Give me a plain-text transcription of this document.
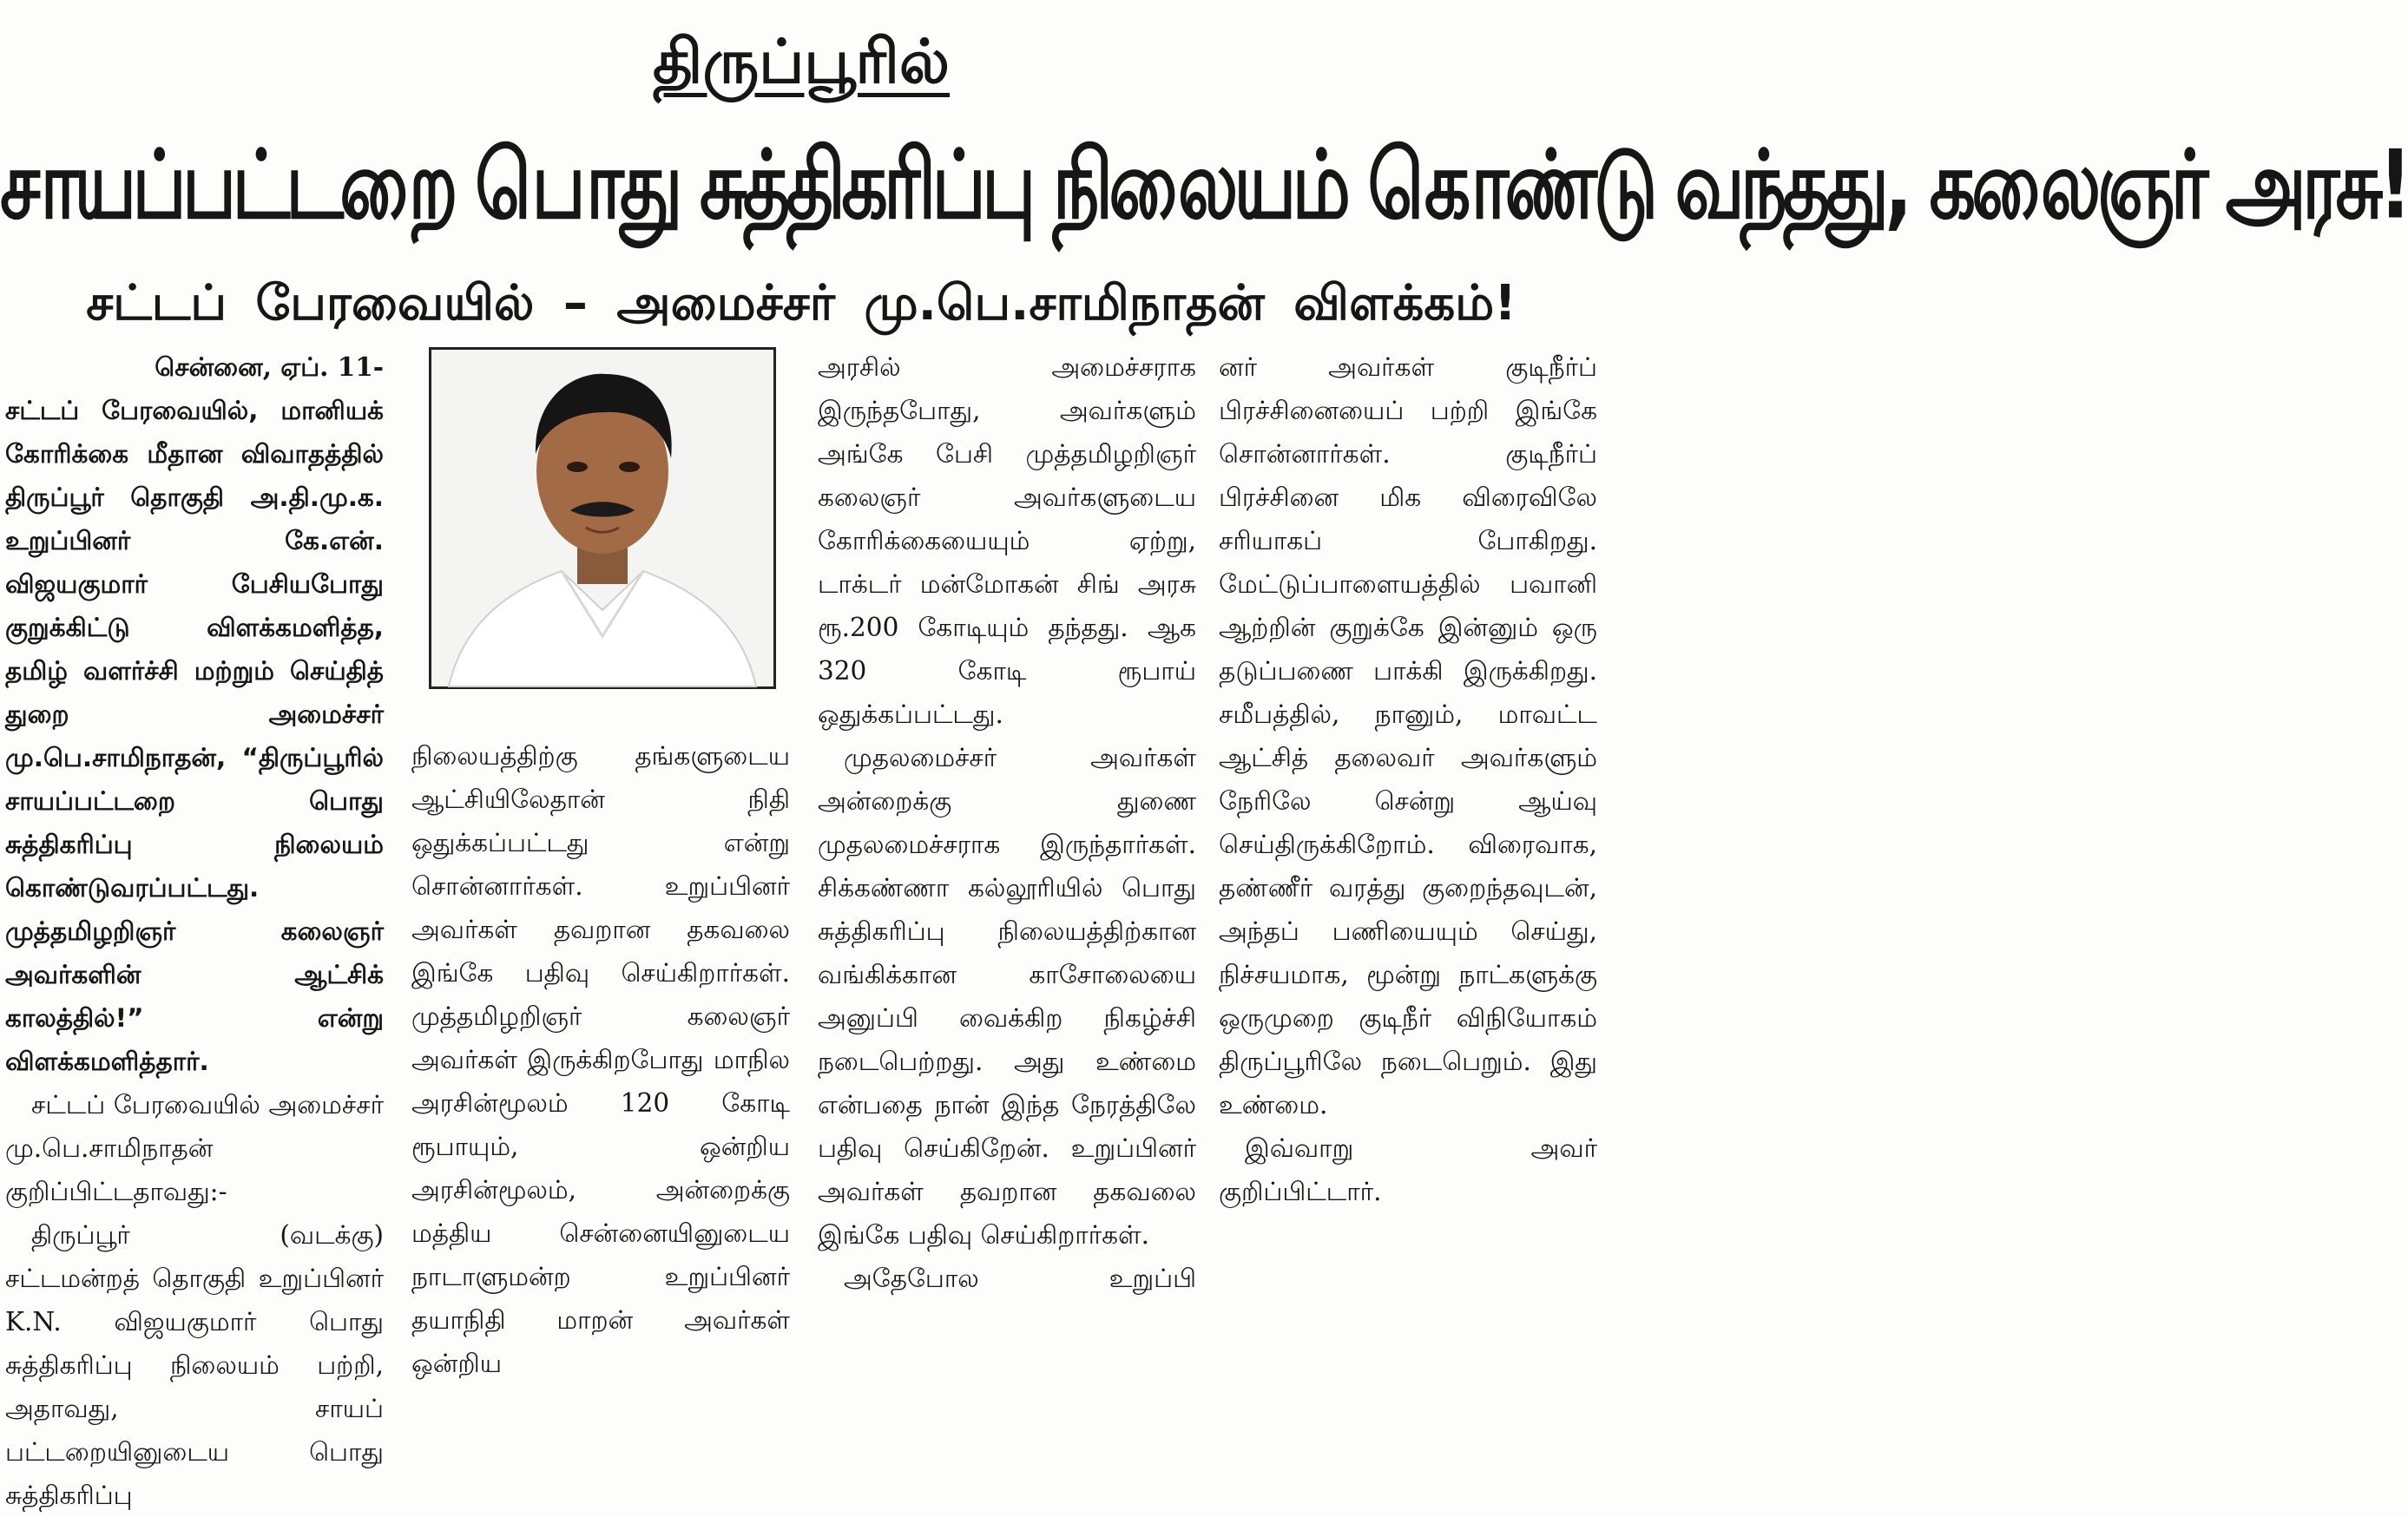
திருப்பூரில்
சாயப்பட்டறை பொது சுத்திகரிப்பு நிலையம் கொண்டு வந்தது, கலைஞர் அரசு!
சட்டப் பேரவையில் – அமைச்சர் மு.பெ.சாமிநாதன் விளக்கம்!

சென்னை, ஏப். 11-

சட்டப் பேரவையில், மானியக் கோரிக்கை மீதான விவாதத்தில் திருப்பூர் தொகுதி அ.தி.மு.க. உறுப்பினர் கே.என். விஜயகுமார் பேசியபோது குறுக்கிட்டு விளக்கமளித்த, தமிழ் வளர்ச்சி மற்றும் செய்தித் துறை அமைச்சர் மு.பெ.சாமிநாதன், “திருப்பூரில் சாயப்பட்டறை பொது சுத்திகரிப்பு நிலையம் கொண்டுவரப்பட்டது. முத்தமிழறிஞர் கலைஞர் அவர்களின் ஆட்சிக் காலத்தில்!” என்று விளக்கமளித்தார்.

சட்டப் பேரவையில் அமைச்சர் மு.பெ.சாமிநாதன் குறிப்பிட்டதாவது:-

திருப்பூர் (வடக்கு) சட்டமன்றத் தொகுதி உறுப்பினர் K.N. விஜயகுமார் பொது சுத்திகரிப்பு நிலையம் பற்றி, அதாவது, சாயப் பட்டறையினுடைய பொது சுத்திகரிப்பு

நிலையத்திற்கு தங்களுடைய ஆட்சியிலேதான் நிதி ஒதுக்கப்பட்டது என்று சொன்னார்கள். உறுப்பினர் அவர்கள் தவறான தகவலை இங்கே பதிவு செய்கிறார்கள். முத்தமிழறிஞர் கலைஞர் அவர்கள் இருக்கிறபோது மாநில அரசின்மூலம் 120 கோடி ரூபாயும், ஒன்றிய அரசின்மூலம், அன்றைக்கு மத்திய சென்னையினுடைய நாடாளுமன்ற உறுப்பினர் தயாநிதி மாறன் அவர்கள் ஒன்றிய

அரசில் அமைச்சராக இருந்தபோது, அவர்களும் அங்கே பேசி முத்தமிழறிஞர் கலைஞர் அவர்களுடைய கோரிக்கையையும் ஏற்று, டாக்டர் மன்மோகன் சிங் அரசு ரூ.200 கோடியும் தந்தது. ஆக 320 கோடி ரூபாய் ஒதுக்கப்பட்டது.

முதலமைச்சர் அவர்கள் அன்றைக்கு துணை முதலமைச்சராக இருந்தார்கள். சிக்கண்ணா கல்லூரியில் பொது சுத்திகரிப்பு நிலையத்திற்கான வங்கிக்கான காசோலையை அனுப்பி வைக்கிற நிகழ்ச்சி நடைபெற்றது. அது உண்மை என்பதை நான் இந்த நேரத்திலே பதிவு செய்கிறேன். உறுப்பினர் அவர்கள் தவறான தகவலை இங்கே பதிவு செய்கிறார்கள்.

அதேபோல உறுப்பி

னர் அவர்கள் குடிநீர்ப் பிரச்சினையைப் பற்றி இங்கே சொன்னார்கள். குடிநீர்ப் பிரச்சினை மிக விரைவிலே சரியாகப் போகிறது. மேட்டுப்பாளையத்தில் பவானி ஆற்றின் குறுக்கே இன்னும் ஒரு தடுப்பணை பாக்கி இருக்கிறது. சமீபத்தில், நானும், மாவட்ட ஆட்சித் தலைவர் அவர்களும் நேரிலே சென்று ஆய்வு செய்திருக்கிறோம். விரைவாக, தண்ணீர் வரத்து குறைந்தவுடன், அந்தப் பணியையும் செய்து, நிச்சயமாக, மூன்று நாட்களுக்கு ஒருமுறை குடிநீர் விநியோகம் திருப்பூரிலே நடைபெறும். இது உண்மை.

இவ்வாறு அவர் குறிப்பிட்டார்.
